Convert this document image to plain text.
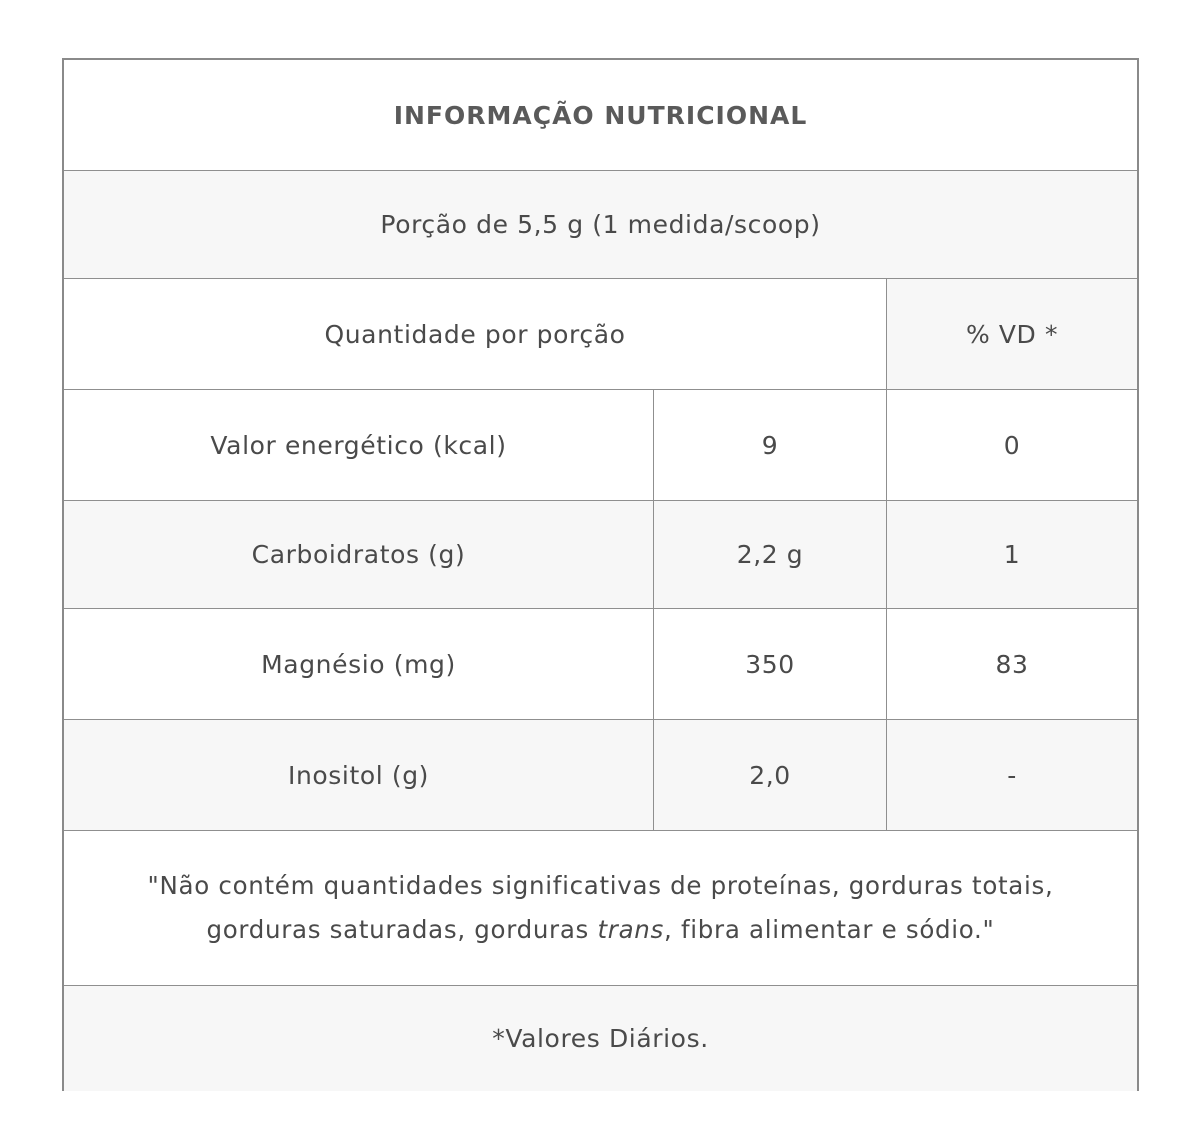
INFORMAÇÃO NUTRICIONAL
Porção de 5,5 g (1 medida/scoop)
Quantidade por porção	% VD *
Valor energético (kcal)	9	0
Carboidratos (g)	2,2 g	1
Magnésio (mg)	350	83
Inositol (g)	2,0	-
"Não contém quantidades significativas de proteínas, gorduras totais,
gorduras saturadas, gorduras trans, fibra alimentar e sódio."
*Valores Diários.
